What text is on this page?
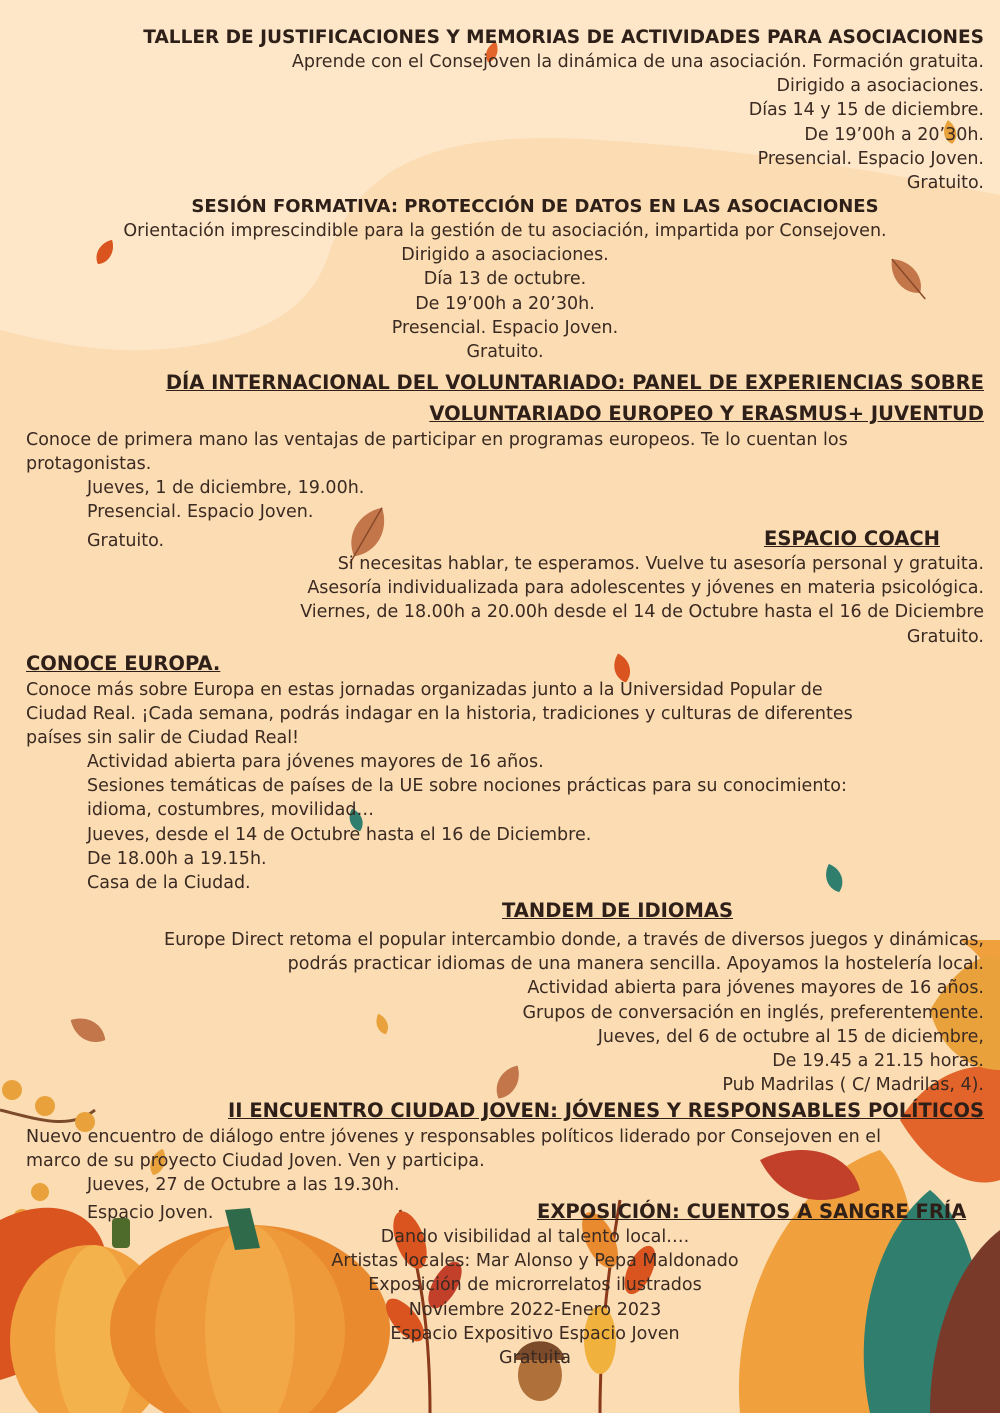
TALLER DE JUSTIFICACIONES Y MEMORIAS DE ACTIVIDADES PARA ASOCIACIONES

Aprende con el Consejoven la dinámica de una asociación. Formación gratuita.
Dirigido a asociaciones.
Días 14 y 15 de diciembre.
De 19’00h a 20’30h.
Presencial. Espacio Joven.
Gratuito.

SESIÓN FORMATIVA: PROTECCIÓN DE DATOS EN LAS ASOCIACIONES

Orientación imprescindible para la gestión de tu asociación, impartida por Consejoven.
Dirigido a asociaciones.
Día 13 de octubre.
De 19’00h a 20’30h.
Presencial. Espacio Joven.
Gratuito.
DÍA INTERNACIONAL DEL VOLUNTARIADO: PANEL DE EXPERIENCIAS SOBRE
VOLUNTARIADO EUROPEO Y ERASMUS+ JUVENTUD
Conoce de primera mano las ventajas de participar en programas europeos. Te lo cuentan los
protagonistas.
Jueves, 1 de diciembre, 19.00h.
Presencial. Espacio Joven.
Gratuito.	ESPACIO COACH

Si necesitas hablar, te esperamos. Vuelve tu asesoría personal y gratuita.
Asesoría individualizada para adolescentes y jóvenes en materia psicológica.
Viernes, de 18.00h a 20.00h desde el 14 de Octubre hasta el 16 de Diciembre
Gratuito.

CONOCE EUROPA.

Conoce más sobre Europa en estas jornadas organizadas junto a la Universidad Popular de
Ciudad Real. ¡Cada semana, podrás indagar en la historia, tradiciones y culturas de diferentes
países sin salir de Ciudad Real!
Actividad abierta para jóvenes mayores de 16 años.
Sesiones temáticas de países de la UE sobre nociones prácticas para su conocimiento:
idioma, costumbres, movilidad…
Jueves, desde el 14 de Octubre hasta el 16 de Diciembre.
De 18.00h a 19.15h.
Casa de la Ciudad.

TANDEM DE IDIOMAS

Europe Direct retoma el popular intercambio donde, a través de diversos juegos y dinámicas,
podrás practicar idiomas de una manera sencilla. Apoyamos la hostelería local.
Actividad abierta para jóvenes mayores de 16 años.
Grupos de conversación en inglés, preferentemente.
Jueves, del 6 de octubre al 15 de diciembre,
De 19.45 a 21.15 horas.
Pub Madrilas ( C/ Madrilas, 4).

II ENCUENTRO CIUDAD JOVEN: JÓVENES Y RESPONSABLES POLÍTICOS

Nuevo encuentro de diálogo entre jóvenes y responsables políticos liderado por Consejoven en el
marco de su proyecto Ciudad Joven. Ven y participa.
Jueves, 27 de Octubre a las 19.30h.
Espacio Joven.	EXPOSICIÓN: CUENTOS A SANGRE FRÍA

Dando visibilidad al talento local….
Artistas locales: Mar Alonso y Pepa Maldonado
Exposición de microrrelatos ilustrados
Noviembre 2022-Enero 2023
Espacio Expositivo Espacio Joven
Gratuita
